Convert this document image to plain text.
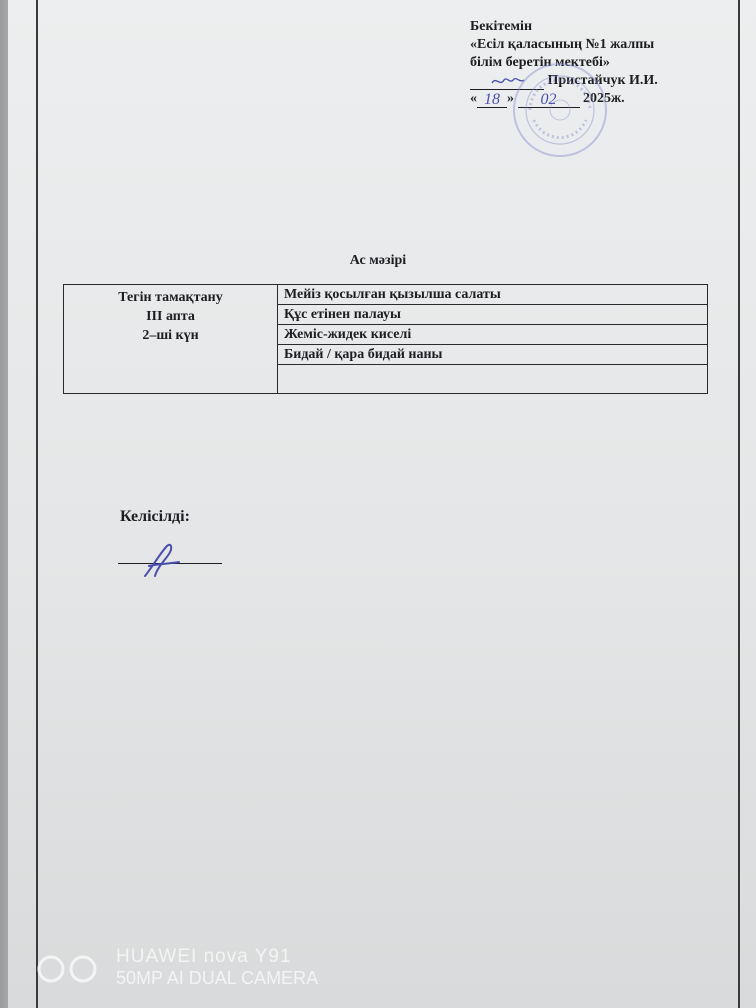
Бекітемін
«Есіл қаласының №1 жалпы
білім беретін мектебі»
Пристайчук И.И.
« 18 » 02 2025ж.
Ас мәзірі
Тегін тамақтану
III апта
2–ші күн
Мейіз қосылған қызылша салаты
Құс етінен палауы
Жеміс-жидек киселі
Бидай / қара бидай наны
Келісілді:
HUAWEI nova Y91
50MP AI DUAL CAMERA
